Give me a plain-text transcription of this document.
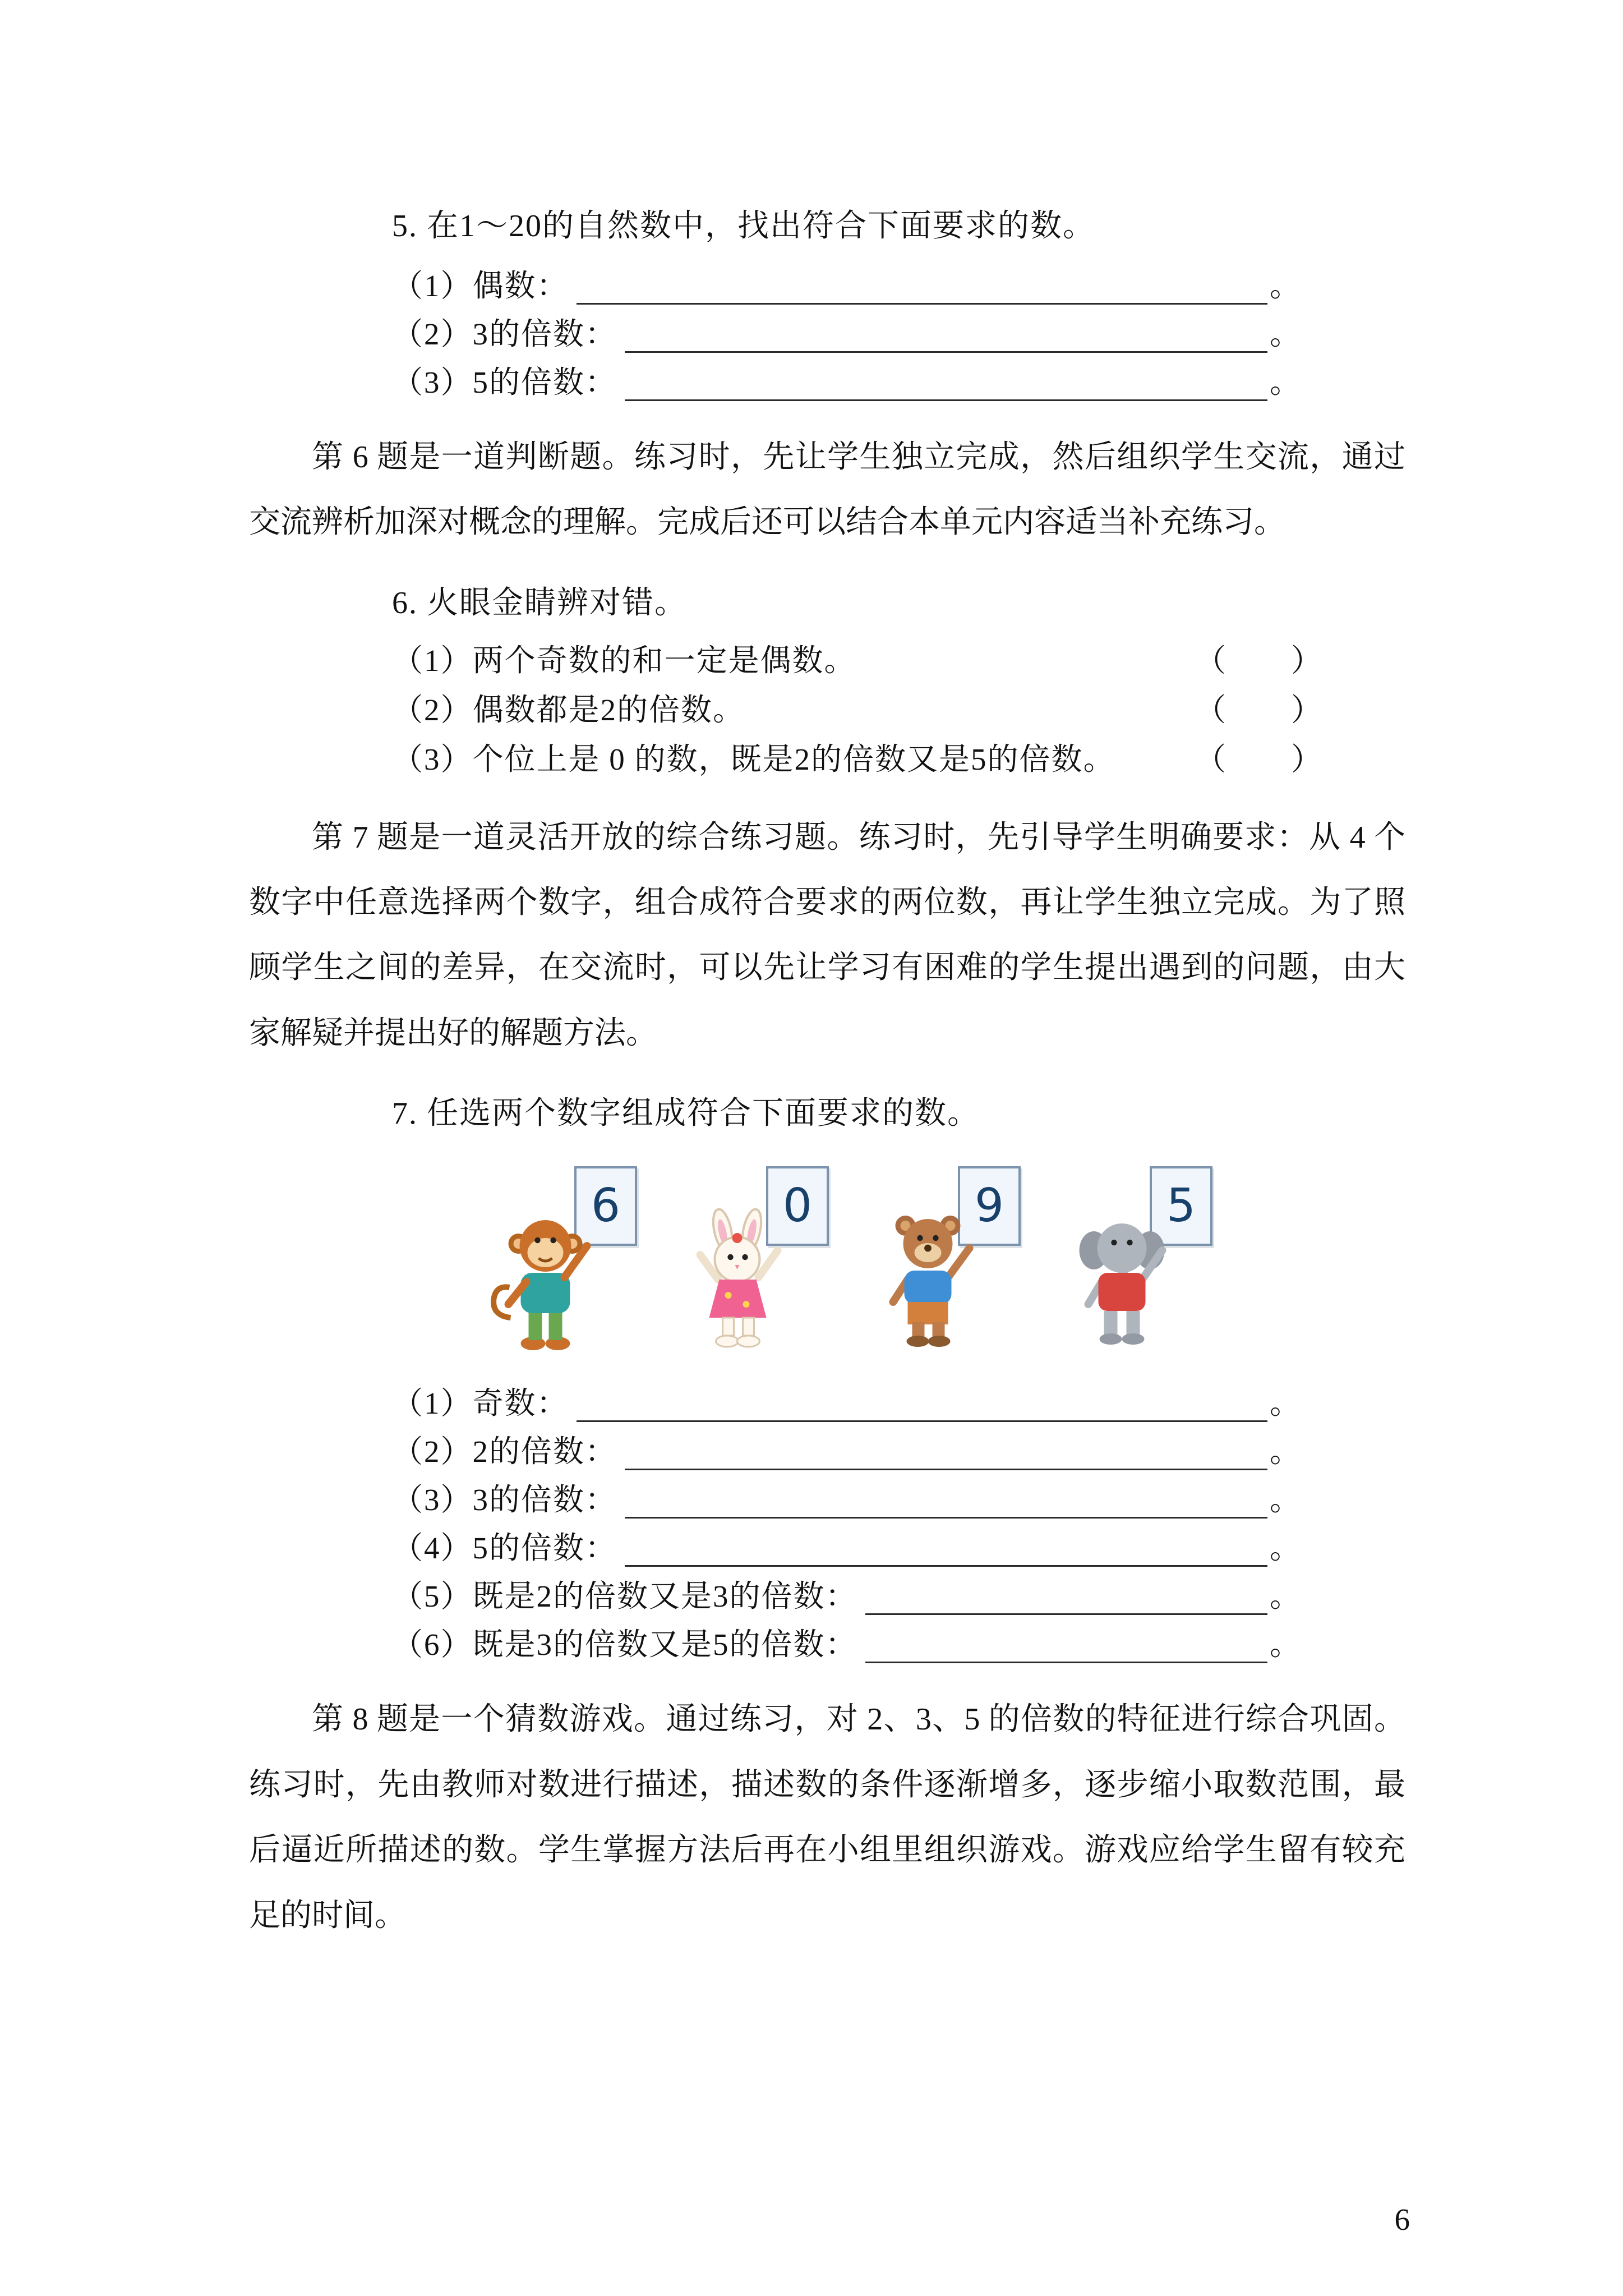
5. 在1～20的自然数中，找出符合下面要求的数。
（1）偶数：	。
（2）3的倍数：	。
（3）5的倍数：	。

第 6 题是一道判断题。练习时，先让学生独立完成，然后组织学生交流，通过交流辨析加深对概念的理解。完成后还可以结合本单元内容适当补充练习。

6. 火眼金睛辨对错。
（1）两个奇数的和一定是偶数。	（　　）
（2）偶数都是2的倍数。	（　　）
（3）个位上是 0 的数，既是2的倍数又是5的倍数。	（　　）

第 7 题是一道灵活开放的综合练习题。练习时，先引导学生明确要求：从 4 个数字中任意选择两个数字，组合成符合要求的两位数，再让学生独立完成。为了照顾学生之间的差异，在交流时，可以先让学习有困难的学生提出遇到的问题，由大家解疑并提出好的解题方法。

7. 任选两个数字组成符合下面要求的数。
6	0	9	5
（1）奇数：	。
（2）2的倍数：	。
（3）3的倍数：	。
（4）5的倍数：	。
（5）既是2的倍数又是3的倍数：	。
（6）既是3的倍数又是5的倍数：	。

第 8 题是一个猜数游戏。通过练习，对 2、3、5 的倍数的特征进行综合巩固。练习时，先由教师对数进行描述，描述数的条件逐渐增多，逐步缩小取数范围，最后逼近所描述的数。学生掌握方法后再在小组里组织游戏。游戏应给学生留有较充足的时间。

6
